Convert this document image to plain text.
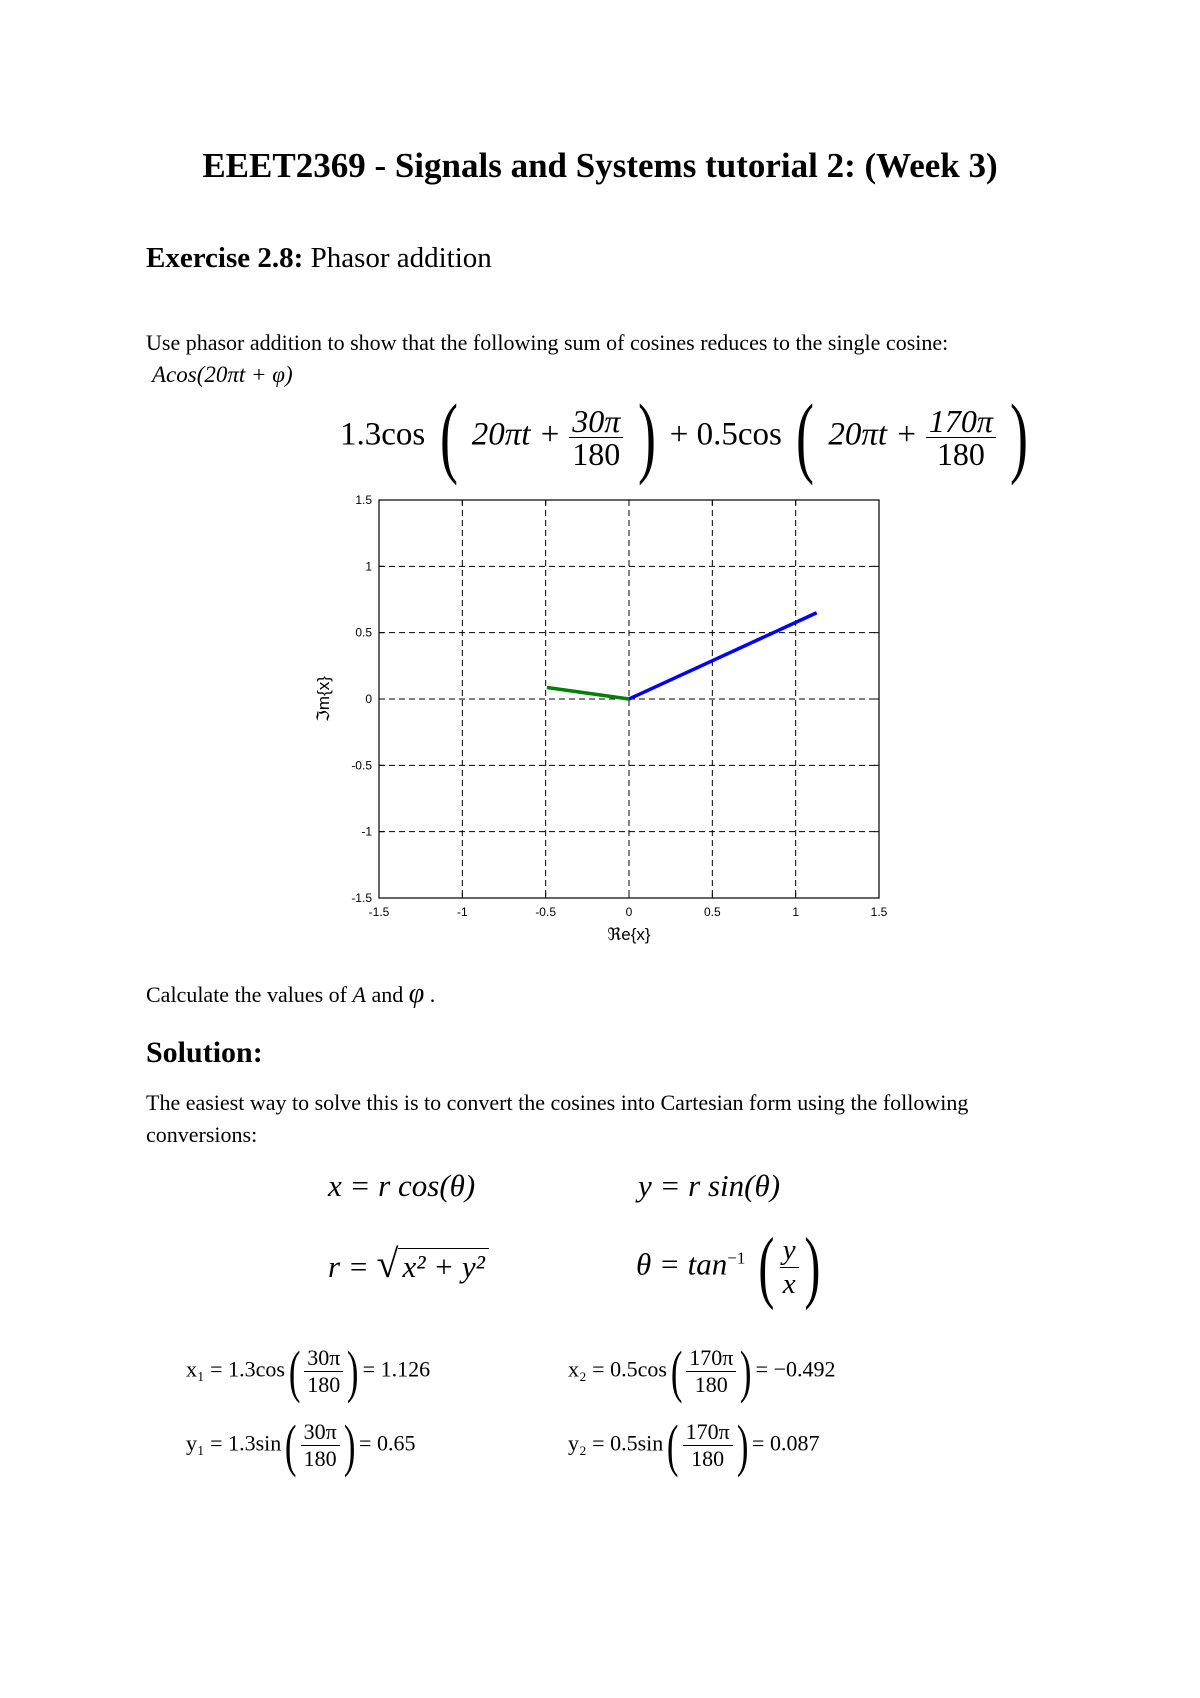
EEET2369 - Signals and Systems tutorial 2: (Week 3)
Exercise 2.8: Phasor addition
Use phasor addition to show that the following sum of cosines reduces to the single cosine:
Acos(20πt + φ)
1.3cos ( $20\pi t + \frac{30\pi}{180}$ ) + 0.5cos ( $20\pi t + \frac{170\pi}{180}$ )
-1.5	-1	-0.5	0	0.5	1	1.5
1.5
1
0.5
0
-0.5
-1
-1.5
ℜe{x}
ℑm{x}
Calculate the values of A and φ .
Solution:
The easiest way to solve this is to convert the cosines into Cartesian form using the following
conversions:
x = r cos(θ)	y = r sin(θ)
r = √ x² + y²	$\theta = \tan^{-1}$ ( $\frac{y}{x}$ )
$x_1 = 1.3\cos( \frac{30\pi}{180}$ ) = 1.126	$x_2 = 0.5\cos( \frac{170\pi}{180}$ ) = −0.492
$y_1 = 1.3\sin( \frac{30\pi}{180}$ ) = 0.65	$y_2 = 0.5\sin( \frac{170\pi}{180}$ ) = 0.087
